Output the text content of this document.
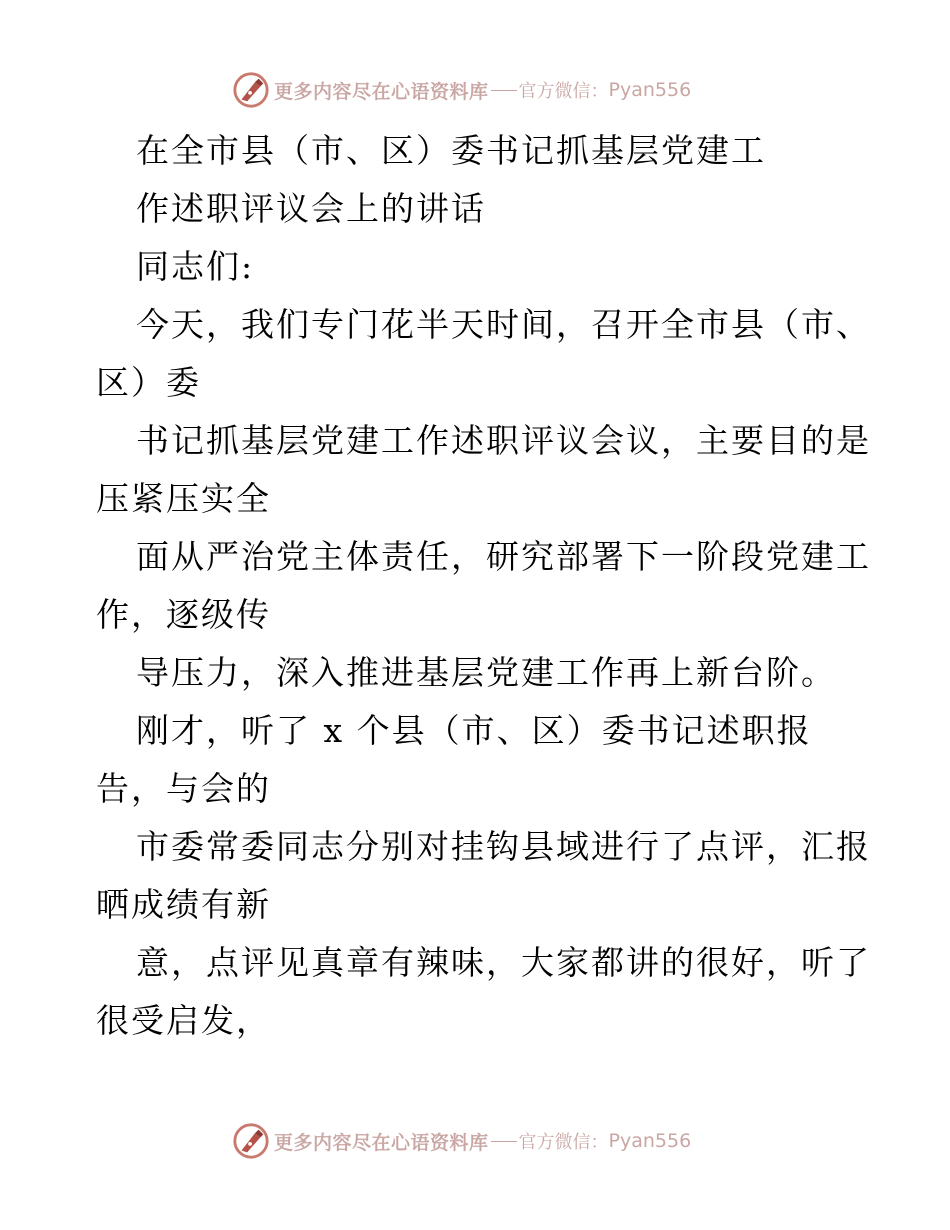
更多内容尽在心语资料库 官方微信： Pyan556
在全市县（市、区）委书记抓基层党建工
作述职评议会上的讲话
同志们:
今天，我们专门花半天时间，召开全市县（市、
区）委
书记抓基层党建工作述职评议会议，主要目的是
压紧压实全
面从严治党主体责任，研究部署下一阶段党建工
作，逐级传
导压力，深入推进基层党建工作再上新台阶。
刚才，听了 x 个县（市、区）委书记述职报
告，与会的
市委常委同志分别对挂钩县域进行了点评，汇报
晒成绩有新
意，点评见真章有辣味，大家都讲的很好，听了
很受启发，
更多内容尽在心语资料库 官方微信： Pyan556
